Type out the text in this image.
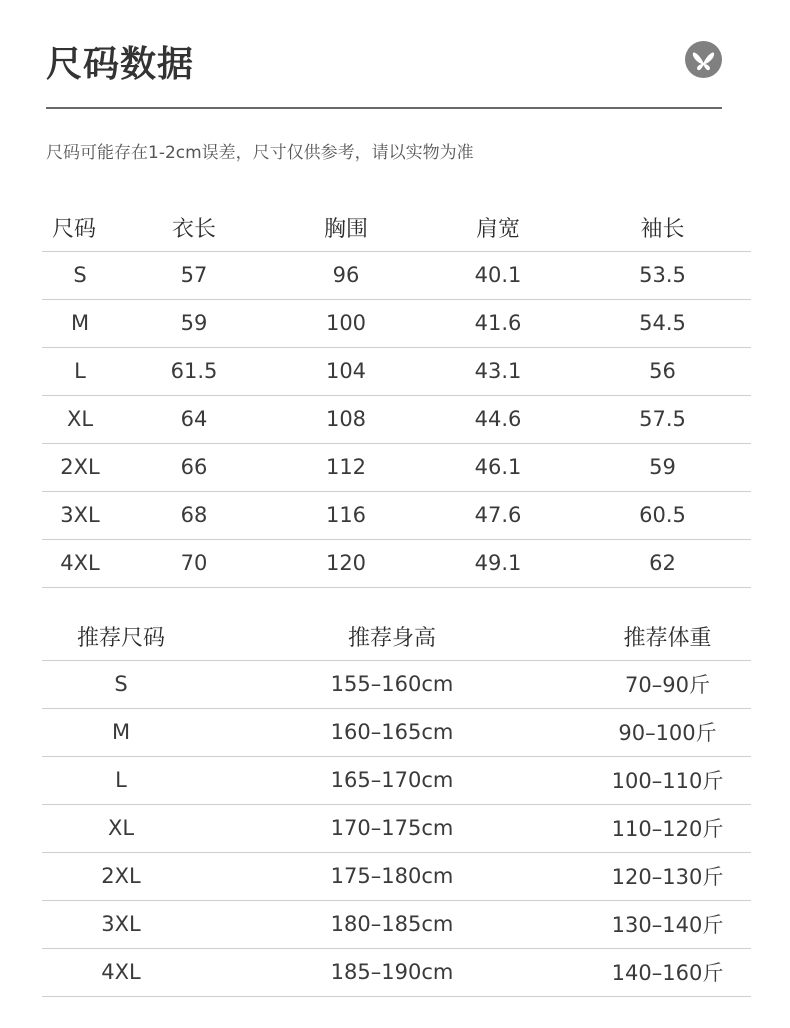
尺码数据
尺码可能存在1-2cm误差，尺寸仅供参考，请以实物为准
尺码	衣长	胸围	肩宽	袖长
S	57	96	40.1	53.5
M	59	100	41.6	54.5
L	61.5	104	43.1	56
XL	64	108	44.6	57.5
2XL	66	112	46.1	59
3XL	68	116	47.6	60.5
4XL	70	120	49.1	62
推荐尺码	推荐身高	推荐体重
S	155–160cm	70–90斤
M	160–165cm	90–100斤
L	165–170cm	100–110斤
XL	170–175cm	110–120斤
2XL	175–180cm	120–130斤
3XL	180–185cm	130–140斤
4XL	185–190cm	140–160斤
